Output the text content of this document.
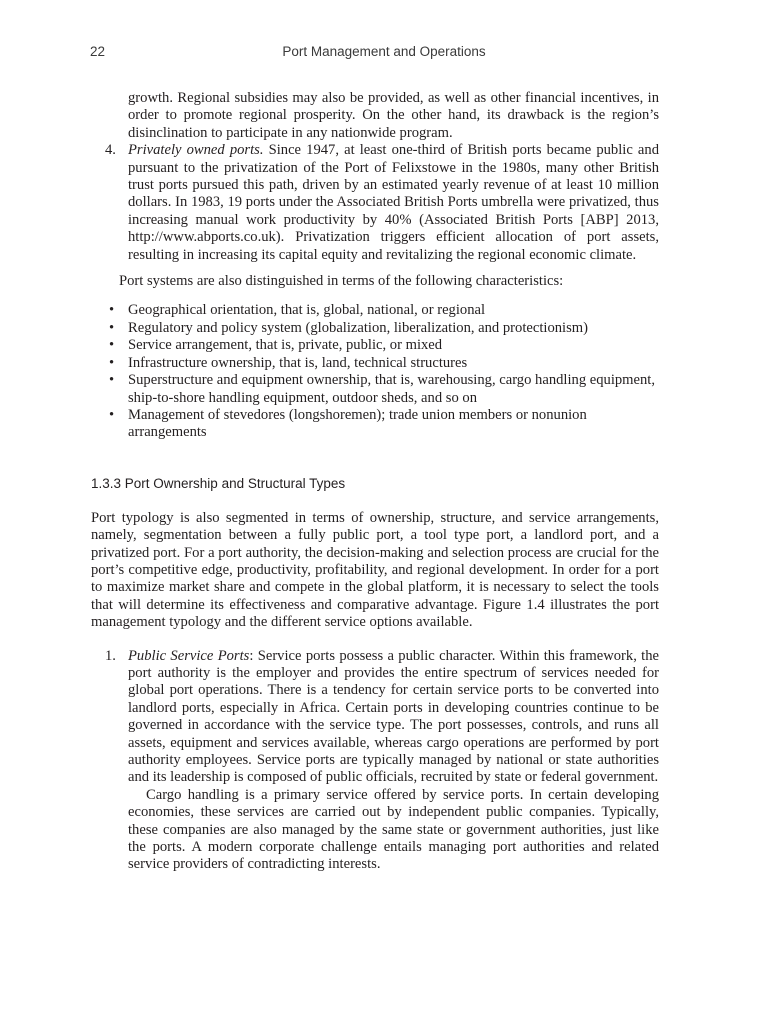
22	Port Management and Operations

growth. Regional subsidies may also be provided, as well as other financial incentives, in order to promote regional prosperity. On the other hand, its drawback is the region’s disinclination to participate in any nationwide program.

4. Privately owned ports. Since 1947, at least one-third of British ports became public and pursuant to the privatization of the Port of Felixstowe in the 1980s, many other British trust ports pursued this path, driven by an estimated yearly revenue of at least 10 million dollars. In 1983, 19 ports under the Associated British Ports umbrella were privatized, thus increasing manual work productivity by 40% (Associated British Ports [ABP] 2013, http://www.abports.co.uk). Privatization triggers efficient allocation of port assets, resulting in increasing its capital equity and revitalizing the regional economic climate.

Port systems are also distinguished in terms of the following characteristics:

• Geographical orientation, that is, global, national, or regional
• Regulatory and policy system (globalization, liberalization, and protectionism)
• Service arrangement, that is, private, public, or mixed
• Infrastructure ownership, that is, land, technical structures
• Superstructure and equipment ownership, that is, warehousing, cargo handling equipment, ship-to-shore handling equipment, outdoor sheds, and so on
• Management of stevedores (longshoremen); trade union members or nonunion arrangements
1.3.3 Port Ownership and Structural Types

Port typology is also segmented in terms of ownership, structure, and service arrangements, namely, segmentation between a fully public port, a tool type port, a landlord port, and a privatized port. For a port authority, the decision-making and selection process are crucial for the port’s competitive edge, productivity, profitability, and regional development. In order for a port to maximize market share and compete in the global platform, it is necessary to select the tools that will determine its effectiveness and comparative advantage. Figure 1.4 illustrates the port management typology and the different service options available.

1. Public Service Ports: Service ports possess a public character. Within this framework, the port authority is the employer and provides the entire spectrum of services needed for global port operations. There is a tendency for certain service ports to be converted into landlord ports, especially in Africa. Certain ports in developing countries continue to be governed in accordance with the service type. The port possesses, controls, and runs all assets, equipment and services available, whereas cargo operations are performed by port authority employees. Service ports are typically managed by national or state authorities and its leadership is composed of public officials, recruited by state or federal government.

Cargo handling is a primary service offered by service ports. In certain developing economies, these services are carried out by independent public companies. Typically, these companies are also managed by the same state or government authorities, just like the ports. A modern corporate challenge entails managing port authorities and related service providers of contradicting interests.
